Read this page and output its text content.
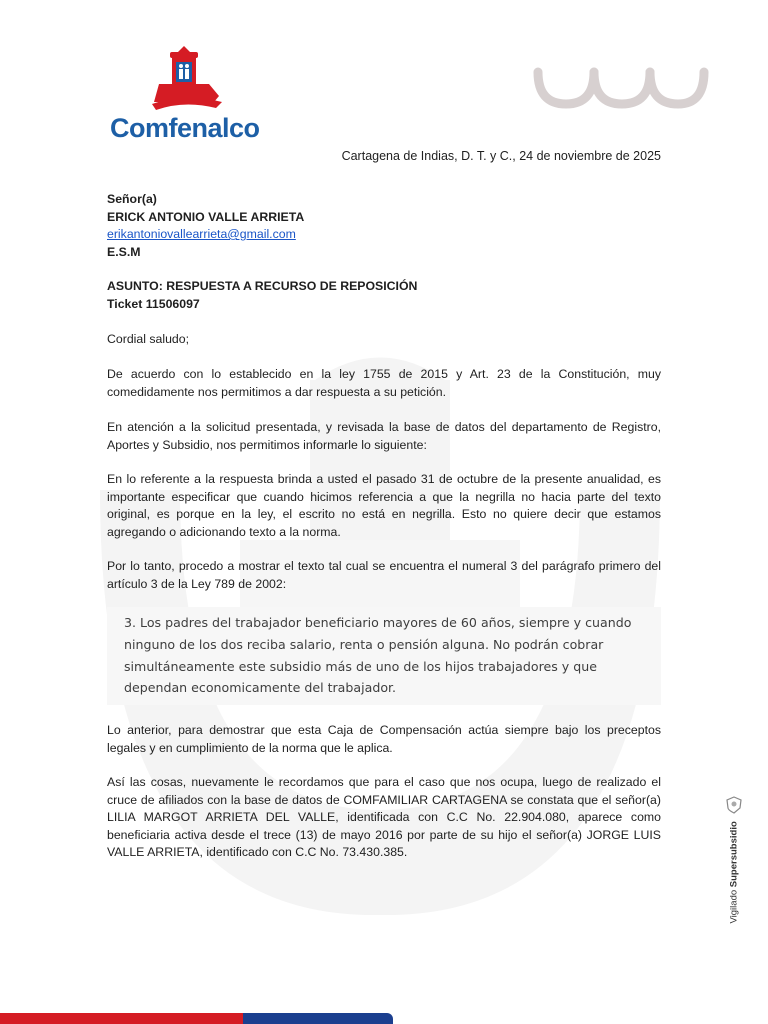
Comfenalco
Cartagena de Indias, D. T. y C., 24 de noviembre de 2025
Señor(a)
ERICK ANTONIO VALLE ARRIETA
erikantoniovallearrieta@gmail.com
E.S.M
ASUNTO: RESPUESTA A RECURSO DE REPOSICIÓN
Ticket 11506097
Cordial saludo;
De acuerdo con lo establecido en la ley 1755 de 2015 y Art. 23 de la Constitución, muy comedidamente nos permitimos a dar respuesta a su petición.
En atención a la solicitud presentada, y revisada la base de datos del departamento de Registro, Aportes y Subsidio, nos permitimos informarle lo siguiente:
En lo referente a la respuesta brinda a usted el pasado 31 de octubre de la presente anualidad, es importante especificar que cuando hicimos referencia a que la negrilla no hacia parte del texto original, es porque en la ley, el escrito no está en negrilla. Esto no quiere decir que estamos agregando o adicionando texto a la norma.
Por lo tanto, procedo a mostrar el texto tal cual se encuentra el numeral 3 del parágrafo primero del artículo 3 de la Ley 789 de 2002:
3. Los padres del trabajador beneficiario mayores de 60 años, siempre y cuando ninguno de los dos reciba salario, renta o pensión alguna. No podrán cobrar simultáneamente este subsidio más de uno de los hijos trabajadores y que dependan economicamente del trabajador.
Lo anterior, para demostrar que esta Caja de Compensación actúa siempre bajo los preceptos legales y en cumplimiento de la norma que le aplica.
Así las cosas, nuevamente le recordamos que para el caso que nos ocupa, luego de realizado el cruce de afiliados con la base de datos de COMFAMILIAR CARTAGENA se constata que el señor(a) LILIA MARGOT ARRIETA DEL VALLE, identificada con C.C No. 22.904.080, aparece como beneficiaria activa desde el trece (13) de mayo 2016 por parte de su hijo el señor(a) JORGE LUIS VALLE ARRIETA, identificado con C.C No. 73.430.385.
Vigilado Supersubsidio
